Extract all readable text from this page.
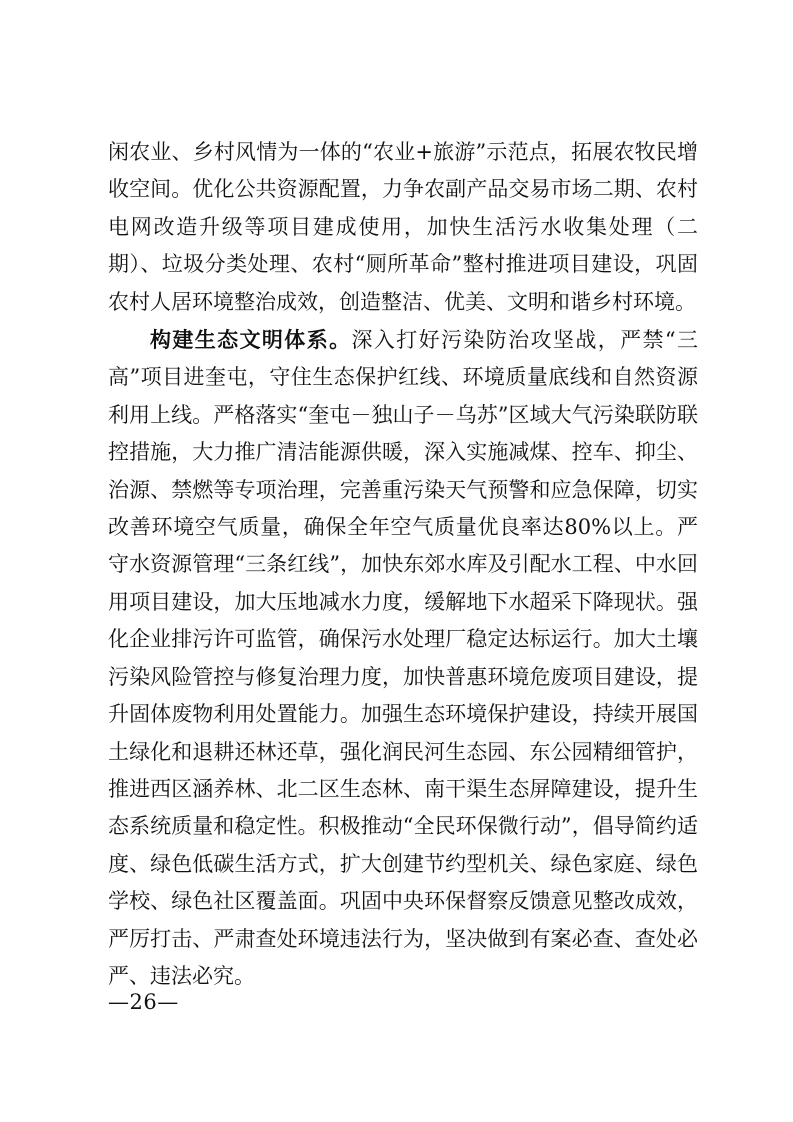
闲农业、乡村风情为一体的“农业+旅游”示范点，拓展农牧民增收空间。优化公共资源配置，力争农副产品交易市场二期、农村电网改造升级等项目建成使用，加快生活污水收集处理（二期）、垃圾分类处理、农村“厕所革命”整村推进项目建设，巩固农村人居环境整治成效，创造整洁、优美、文明和谐乡村环境。

构建生态文明体系。深入打好污染防治攻坚战，严禁“三高”项目进奎屯，守住生态保护红线、环境质量底线和自然资源利用上线。严格落实“奎屯－独山子－乌苏”区域大气污染联防联控措施，大力推广清洁能源供暖，深入实施减煤、控车、抑尘、治源、禁燃等专项治理，完善重污染天气预警和应急保障，切实改善环境空气质量，确保全年空气质量优良率达80%以上。严守水资源管理“三条红线”，加快东郊水库及引配水工程、中水回用项目建设，加大压地减水力度，缓解地下水超采下降现状。强化企业排污许可监管，确保污水处理厂稳定达标运行。加大土壤污染风险管控与修复治理力度，加快普惠环境危废项目建设，提升固体废物利用处置能力。加强生态环境保护建设，持续开展国土绿化和退耕还林还草，强化润民河生态园、东公园精细管护，推进西区涵养林、北二区生态林、南干渠生态屏障建设，提升生态系统质量和稳定性。积极推动“全民环保微行动”，倡导简约适度、绿色低碳生活方式，扩大创建节约型机关、绿色家庭、绿色学校、绿色社区覆盖面。巩固中央环保督察反馈意见整改成效，严厉打击、严肃查处环境违法行为，坚决做到有案必查、查处必严、违法必究。

—26—
